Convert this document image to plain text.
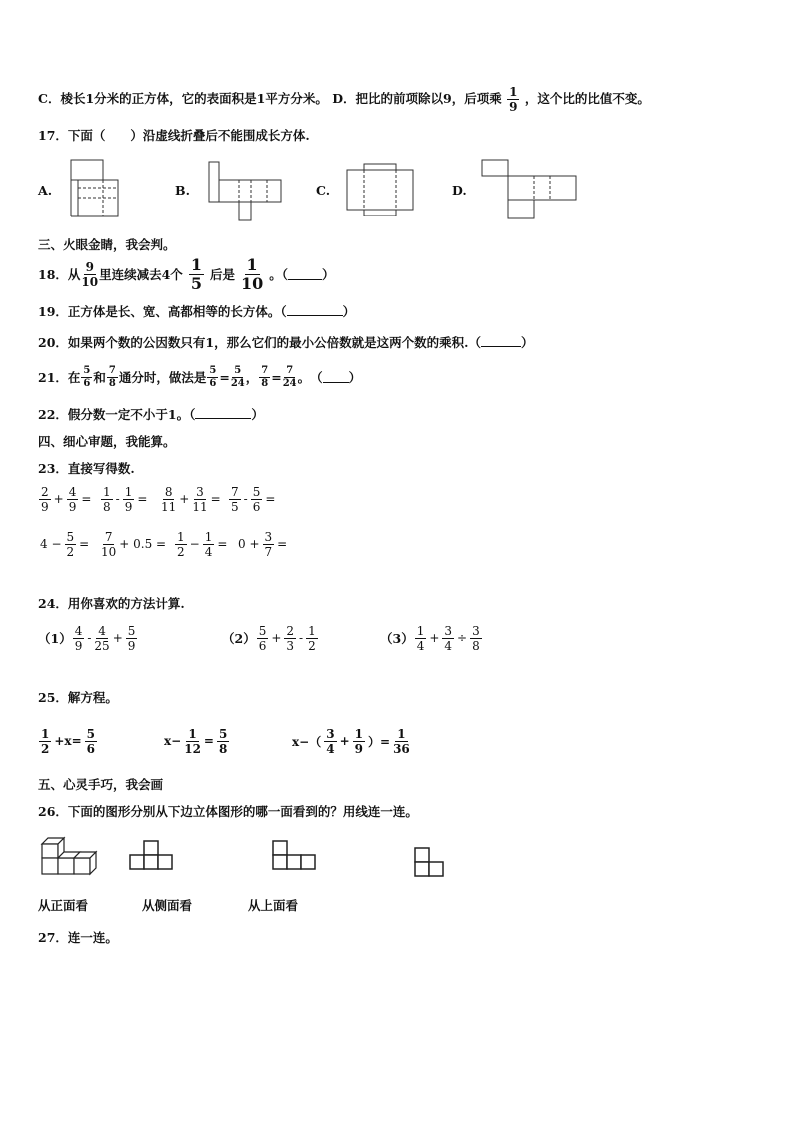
C．棱长1分米的正方体，它的表面积是1平方分米。 D．把比的前项除以9，后项乘 $\frac{1}{9}$ ，这个比的比值不变。
17．下面（　　）沿虚线折叠后不能围成长方体.
A.	B.	C.	D.
三、火眼金睛，我会判。
18．从 $\frac{9}{10}$ 里连续减去4个 $\frac{1}{5}$ 后是 $\frac{1}{10}$ 。（	）
19．正方体是长、宽、高都相等的长方体。（	）
20．如果两个数的公因数只有1，那么它们的最小公倍数就是这两个数的乘积.（	）
21．在 $\frac{5}{6}$ 和 $\frac{7}{8}$ 通分时，做法是 $\frac{5}{6} = \frac{5}{24}$ ， $\frac{7}{8} = \frac{7}{24}$ 。　（ ）
22．假分数一定不小于1。（	）
四、细心审题，我能算。
23．直接写得数.
$\frac{2}{9} + \frac{4}{9} = \frac{1}{8} - \frac{1}{9} = \frac{8}{11} + \frac{3}{11} = \frac{7}{5} - \frac{5}{6}$ =
$4 - \frac{5}{2} = \frac{7}{10} + 0.5 = \frac{1}{2} - \frac{1}{4} = 0 + \frac{3}{7}$ =
24．用你喜欢的方法计算.
$(1) \frac{4}{9} - \frac{4}{25} + \frac{5}{9}$	$(2) \frac{5}{6} + \frac{2}{3} - \frac{1}{2}$	$(3) \frac{1}{4} + \frac{3}{4} \div \frac{3}{8}$
25．解方程。
$\frac{1}{2} +x= \frac{5}{6}$	$x- \frac{1}{12} = \frac{5}{8}$	$x-( \frac{3}{4} + \frac{1}{9}$ ）= $\frac{1}{36}$
五、心灵手巧，我会画
26．下面的图形分别从下边立体图形的哪一面看到的？用线连一连。
从正面看	从侧面看	从上面看
27．连一连。
